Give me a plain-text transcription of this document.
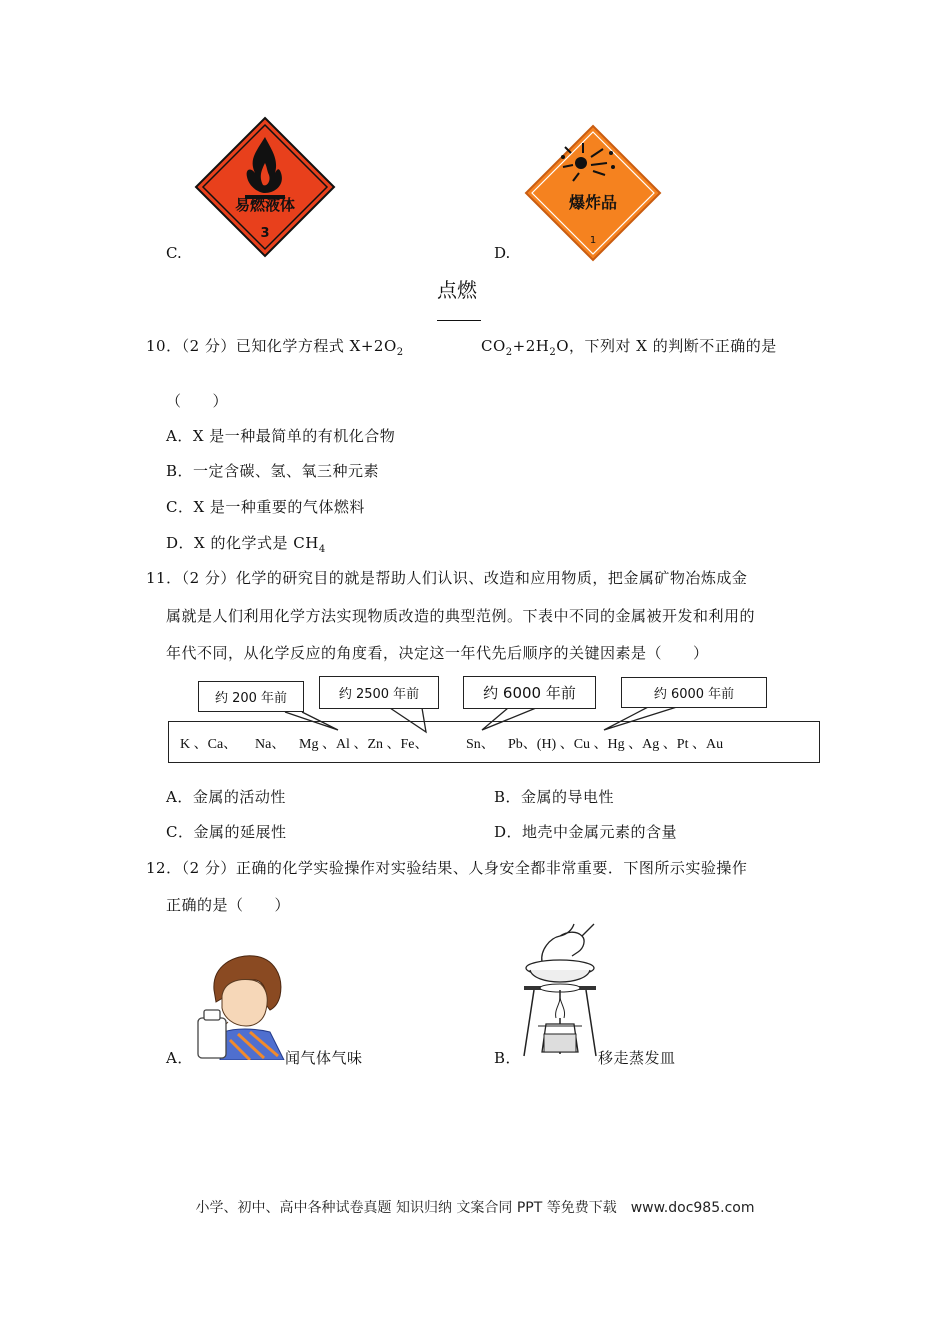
易燃液体
3
C.
爆炸品
1
D.
点燃
10．（2 分）已知化学方程式 $X+2O_2$	$CO_2+2H_2O$，下列对 X 的判断不正确的是
（　　）
A．X 是一种最简单的有机化合物
B．一定含碳、氢、氧三种元素
C．X 是一种重要的气体燃料
D．X 的化学式是 $CH_4$
11．（2 分）化学的研究目的就是帮助人们认识、改造和应用物质，把金属矿物冶炼成金
属就是人们利用化学方法实现物质改造的典型范例。下表中不同的金属被开发和利用的
年代不同，从化学反应的角度看，决定这一年代先后顺序的关键因素是（　　）
约 200 年前	约 2500 年前	约 6000 年前	约 6000 年前
K 、Ca、 Na、 Mg 、Al 、Zn 、Fe、	Sn、 Pb、(H) 、Cu 、Hg 、Ag 、Pt 、Au
A．金属的活动性	B．金属的导电性
C．金属的延展性	D．地壳中金属元素的含量
12．（2 分）正确的化学实验操作对实验结果、人身安全都非常重要．下图所示实验操作
正确的是（　　）
A．	闻气体气味	B．	移走蒸发皿
小学、初中、高中各种试卷真题 知识归纳 文案合同 PPT 等免费下载　www.doc985.com
